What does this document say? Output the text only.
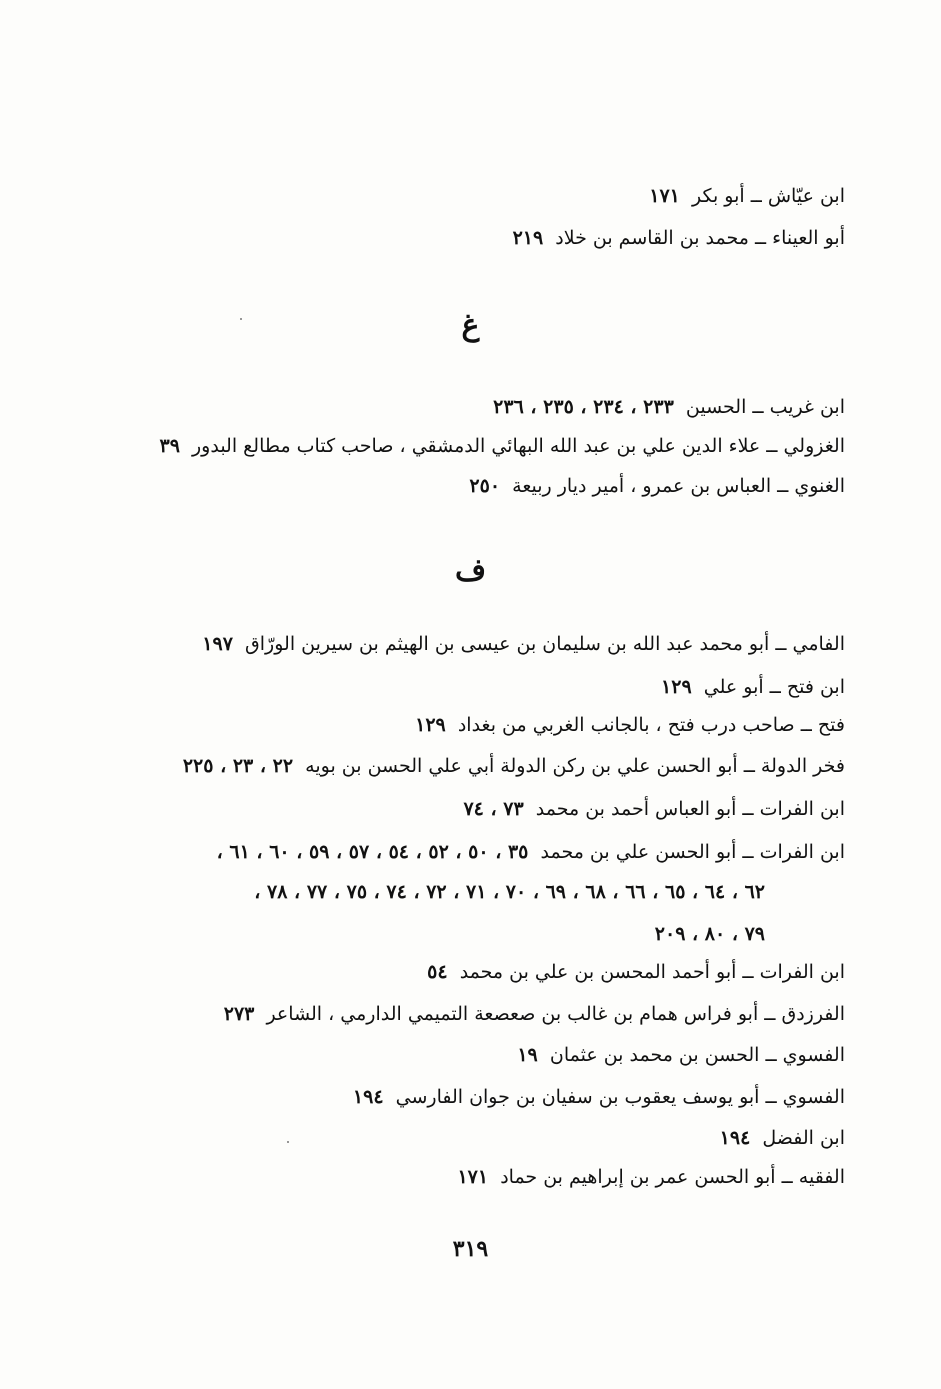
ابن عيّاش ــ أبو بكر  ١٧١
أبو العيناء ــ محمد بن القاسم بن خلاد  ٢١٩
غ
ابن غريب ــ الحسين  ٢٣٣ ، ٢٣٤ ، ٢٣٥ ، ٢٣٦
الغزولي ــ علاء الدين علي بن عبد الله البهائي الدمشقي ، صاحب كتاب مطالع البدور  ٣٩
الغنوي ــ العباس بن عمرو ، أمير ديار ربيعة  ٢٥٠
ف
الفامي ــ أبو محمد عبد الله بن سليمان بن عيسى بن الهيثم بن سيرين الورّاق  ١٩٧
ابن فتح ــ أبو علي  ١٢٩
فتح ــ صاحب درب فتح ، بالجانب الغربي من بغداد  ١٢٩
فخر الدولة ــ أبو الحسن علي بن ركن الدولة أبي علي الحسن بن بويه  ٢٢ ، ٢٣ ، ٢٢٥
ابن الفرات ــ أبو العباس أحمد بن محمد  ٧٣ ، ٧٤
ابن الفرات ــ أبو الحسن علي بن محمد  ٣٥ ، ٥٠ ، ٥٢ ، ٥٤ ، ٥٧ ، ٥٩ ، ٦٠ ، ٦١ ،
٦٢ ، ٦٤ ، ٦٥ ، ٦٦ ، ٦٨ ، ٦٩ ، ٧٠ ، ٧١ ، ٧٢ ، ٧٤ ، ٧٥ ، ٧٧ ، ٧٨ ،
٧٩ ، ٨٠ ، ٢٠٩
ابن الفرات ــ أبو أحمد المحسن بن علي بن محمد  ٥٤
الفرزدق ــ أبو فراس همام بن غالب بن صعصعة التميمي الدارمي ، الشاعر  ٢٧٣
الفسوي ــ الحسن بن محمد بن عثمان  ١٩
الفسوي ــ أبو يوسف يعقوب بن سفيان بن جوان الفارسي  ١٩٤
ابن الفضل  ١٩٤
الفقيه ــ أبو الحسن عمر بن إبراهيم بن حماد  ١٧١
٣١٩
